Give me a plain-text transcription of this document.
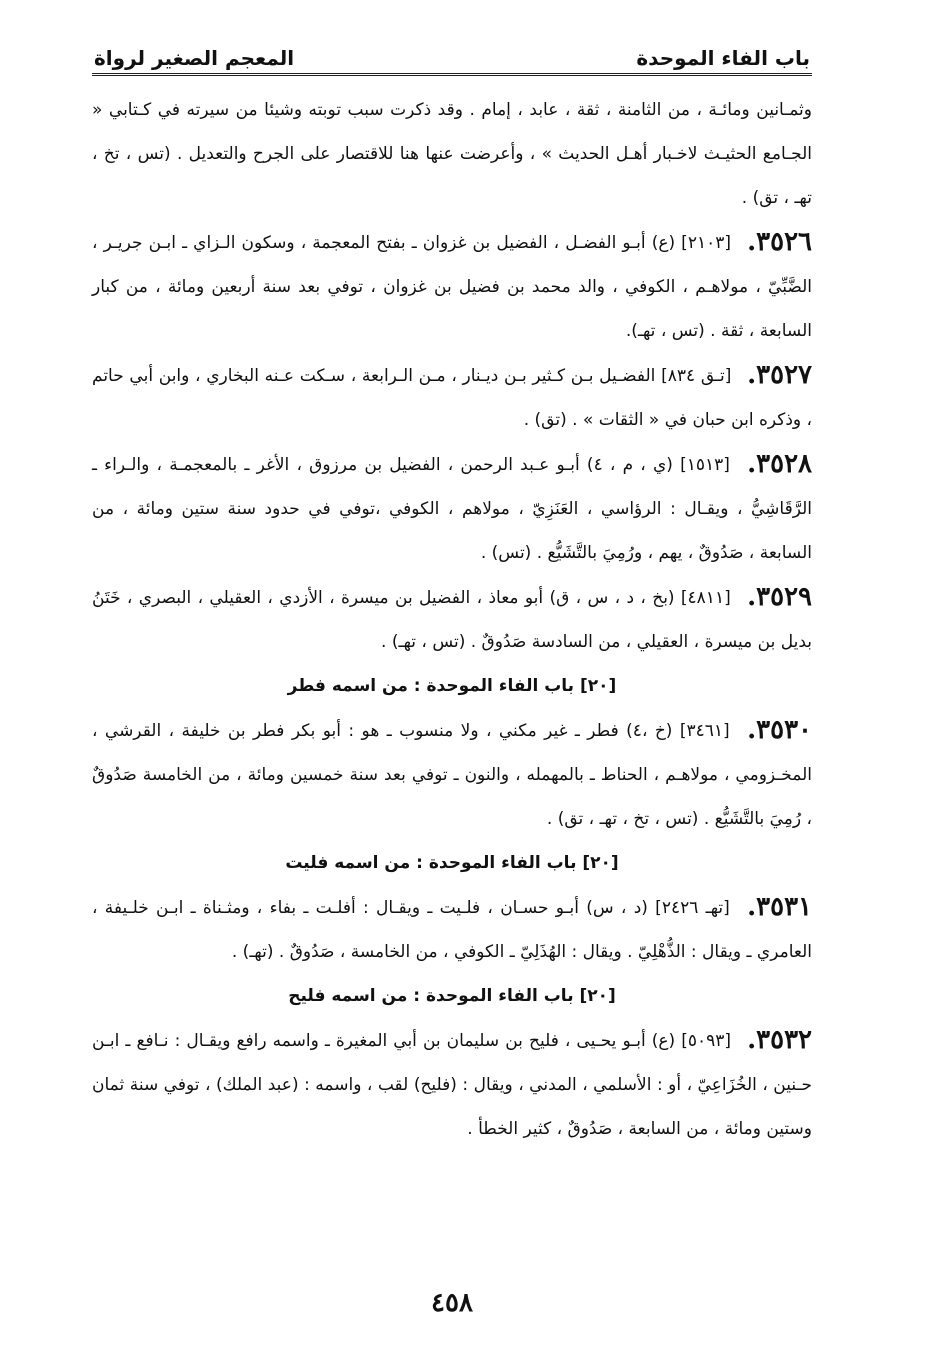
باب الفاء الموحدة
المعجم الصغير لرواة

وثمـانين ومائـة ، من الثامنة ، ثقة ، عابد ، إمام . وقد ذكرت سبب توبته وشيئا من سيرته في كـتابي « الجـامع الحثيـث لاخـبار أهـل الحديث » ، وأعرضت عنها هنا للاقتصار على الجرح والتعديل . (تس ، تخ ، تهـ ، تق) .

٣٥٢٦. [٢١٠٣] (ع) أبـو الفضـل ، الفضيل بن غزوان ـ بفتح المعجمة ، وسكون الـزاي ـ ابـن جريـر ، الضَّبِّيّ ، مولاهـم ، الكوفي ، والد محمد بن فضيل بن غزوان ، توفي بعد سنة أربعين ومائة ، من كبار السابعة ، ثقة . (تس ، تهـ).

٣٥٢٧. [تـق ٨٣٤] الفضـيل بـن كـثير بـن ديـنار ، مـن الـرابعة ، سـكت عـنه البخاري ، وابن أبي حاتم ، وذكره ابن حبان في « الثقات » . (تق) .

٣٥٢٨. [١٥١٣] (ي ، م ، ٤) أبـو عـبد الرحمن ، الفضيل بن مرزوق ، الأغر ـ بالمعجمـة ، والـراء ـ الرَّقَاشِيُّ ، ويقـال : الرؤاسي ، العَنَزِيّ ، مولاهم ، الكوفي ،توفي في حدود سنة ستين ومائة ، من السابعة ، صَدُوقٌ ، يهم ، ورُمِيَ بالتَّشَيُّع . (تس) .

٣٥٢٩. [٤٨١١] (بخ ، د ، س ، ق) أبو معاذ ، الفضيل بن ميسرة ، الأزدي ، العقيلي ، البصري ، خَتَنُ بديل بن ميسرة ، العقيلي ، من السادسة صَدُوقٌ . (تس ، تهـ) .

[٢٠] باب الفاء الموحدة : من اسمه فطر

٣٥٣٠. [٣٤٦١] (خ ،٤) فطر ـ غير مكني ، ولا منسوب ـ هو : أبو بكر فطر بن خليفة ، القرشي ، المخـزومي ، مولاهـم ، الحناط ـ بالمهمله ، والنون ـ توفي بعد سنة خمسين ومائة ، من الخامسة صَدُوقٌ ، رُمِيَ بالتَّشَيُّع . (تس ، تخ ، تهـ ، تق) .

[٢٠] باب الفاء الموحدة : من اسمه فليت

٣٥٣١. [تهـ ٢٤٢٦] (د ، س) أبـو حسـان ، فلـيت ـ ويقـال : أفلـت ـ بفاء ، ومثـناة ـ ابـن خلـيفة ، العامري ـ ويقال : الذُّهْلِيّ . ويقال : الهُذَلِيّ ـ الكوفي ، من الخامسة ، صَدُوقٌ . (تهـ) .

[٢٠] باب الفاء الموحدة : من اسمه فليح

٣٥٣٢. [٥٠٩٣] (ع) أبـو يحـيى ، فليح بن سليمان بن أبي المغيرة ـ واسمه رافع ويقـال : نـافع ـ ابـن حـنين ، الخُزَاعِيّ ، أو : الأسلمي ، المدني ، ويقال : (فليح) لقب ، واسمه : (عبد الملك) ، توفي سنة ثمان وستين ومائة ، من السابعة ، صَدُوقٌ ، كثير الخطأ .

٤٥٨
